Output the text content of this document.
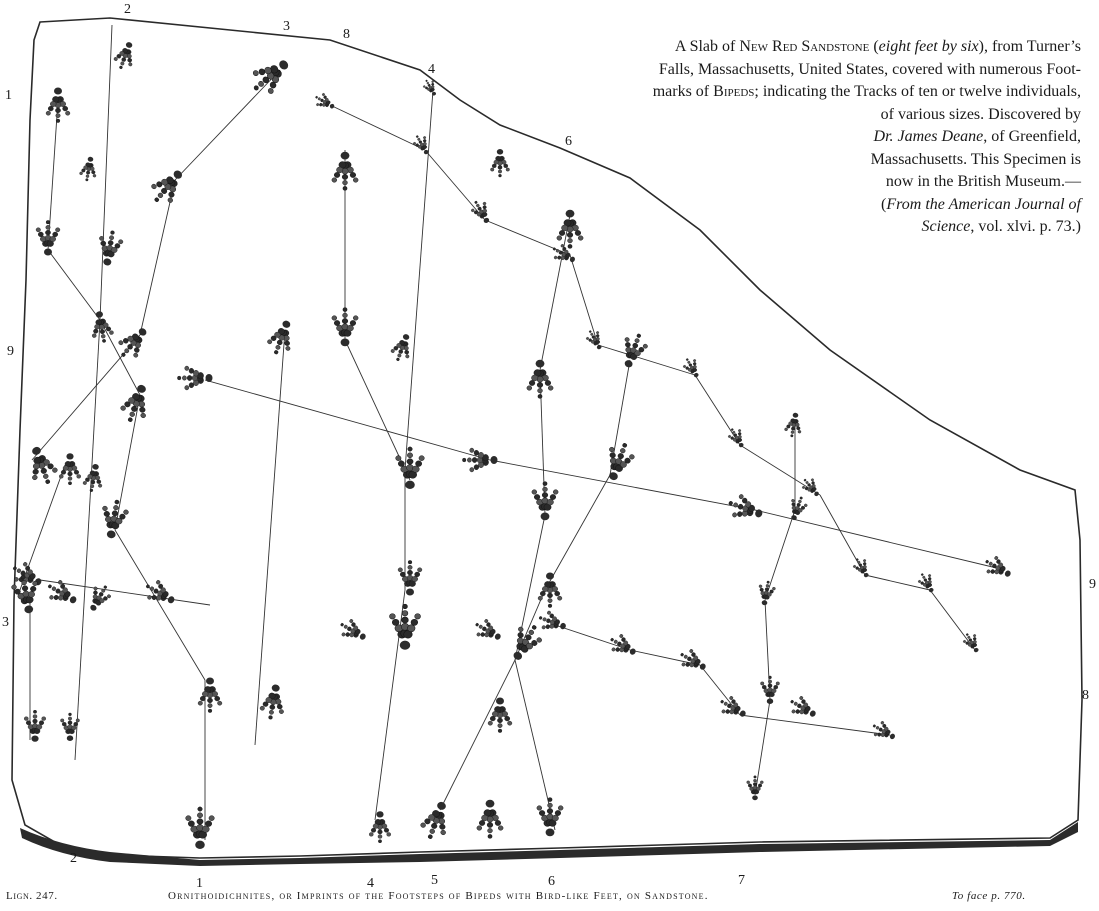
2
3
8
4
6
1
9
3
9
8
2
1	4	5	6	7
A Slab of New Red Sandstone (eight feet by six), from Turner’s
Falls, Massachusetts, United States, covered with numerous Foot-
marks of Bipeds; indicating the Tracks of ten or twelve individuals,
of various sizes. Discovered by
Dr. James Deane, of Greenfield,
Massachusetts. This Specimen is
now in the British Museum.—
(From the American Journal of
Science, vol. xlvi. p. 73.)
Lign. 247.	Ornithoidichnites, or Imprints of the Footsteps of Bipeds with Bird-like Feet, on Sandstone.	To face p. 770.
